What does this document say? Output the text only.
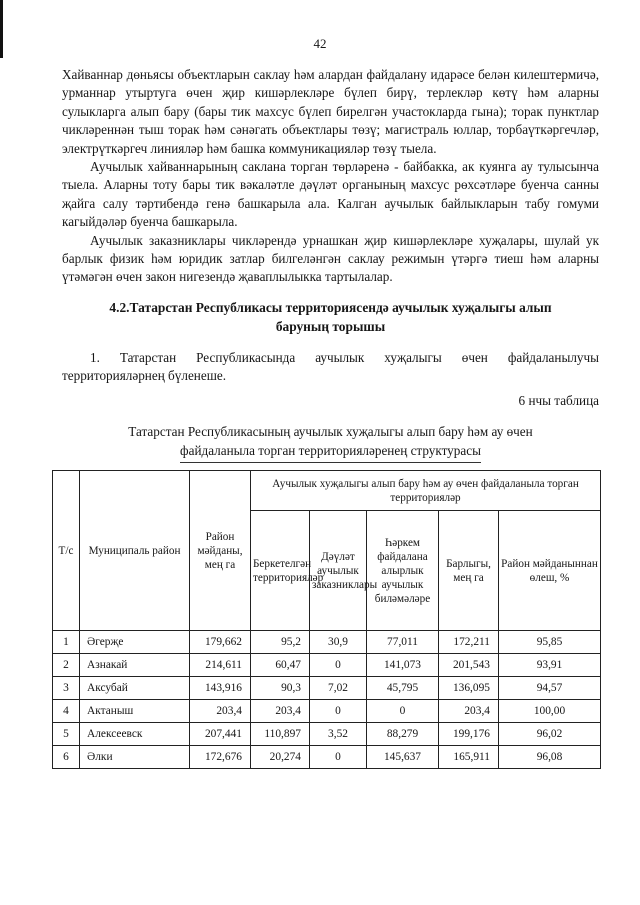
42

Хайваннар дөньясы объектларын саклау һәм алардан файдалану идарәсе белән килештермичә, урманнар утыртуга өчен җир кишәрлекләре бүлеп бирү, терлекләр көтү һәм аларны сулыкларга алып бару (бары тик махсус бүлеп бирелгән участокларда гына); торак пунктлар чикләреннән тыш торак һәм сәнәгать объектлары төзү; магистраль юллар, торбаүткәргечләр, электрүткәргеч линияләр һәм башка коммуникацияләр төзү тыела.

Аучылык хайваннарының саклана торган төрләренә - байбакка, ак куянга ау тулысынча тыела. Аларны тоту бары тик вәкаләтле дәүләт органының махсус рөхсәтләре буенча санны җайга салу тәртибендә генә башкарыла ала. Калган аучылык байлыкларын табу гомуми кагыйдәләр буенча башкарыла.

Аучылык заказниклары чикләрендә урнашкан җир кишәрлекләре хуҗалары, шулай ук барлык физик һәм юридик затлар билгеләнгән саклау режимын үтәргә тиеш һәм аларны үтәмәгән өчен закон нигезендә җаваплылыкка тартылалар.

4.2.Татарстан Республикасы территориясендә аучылык хуҗалыгы алып
баруның торышы

1. Татарстан Республикасында аучылык хуҗалыгы өчен файдаланылучы территорияләрнең бүленеше.

6 нчы таблица
Татарстан Республикасының аучылык хуҗалыгы алып бару һәм ау өчен
файдаланыла торган территорияләренең структурасы
Т/с	Муниципаль район	Район мәйданы, мең га	Аучылык хуҗалыгы алып бару һәм ау өчен файдаланыла торган территорияләр				
			Беркетелгән территорияләр	Дәүләт аучылык заказниклары	Һәркем файдалана алырлык аучылык биләмәләре	Барлыгы, мең га	Район мәйданыннан өлеш, %
1	Әгерҗе	179,662	95,2	30,9	77,011	172,211	95,85
2	Азнакай	214,611	60,47	0	141,073	201,543	93,91
3	Аксубай	143,916	90,3	7,02	45,795	136,095	94,57
4	Актаныш	203,4	203,4	0	0	203,4	100,00
5	Алексеевск	207,441	110,897	3,52	88,279	199,176	96,02
6	Әлки	172,676	20,274	0	145,637	165,911	96,08
